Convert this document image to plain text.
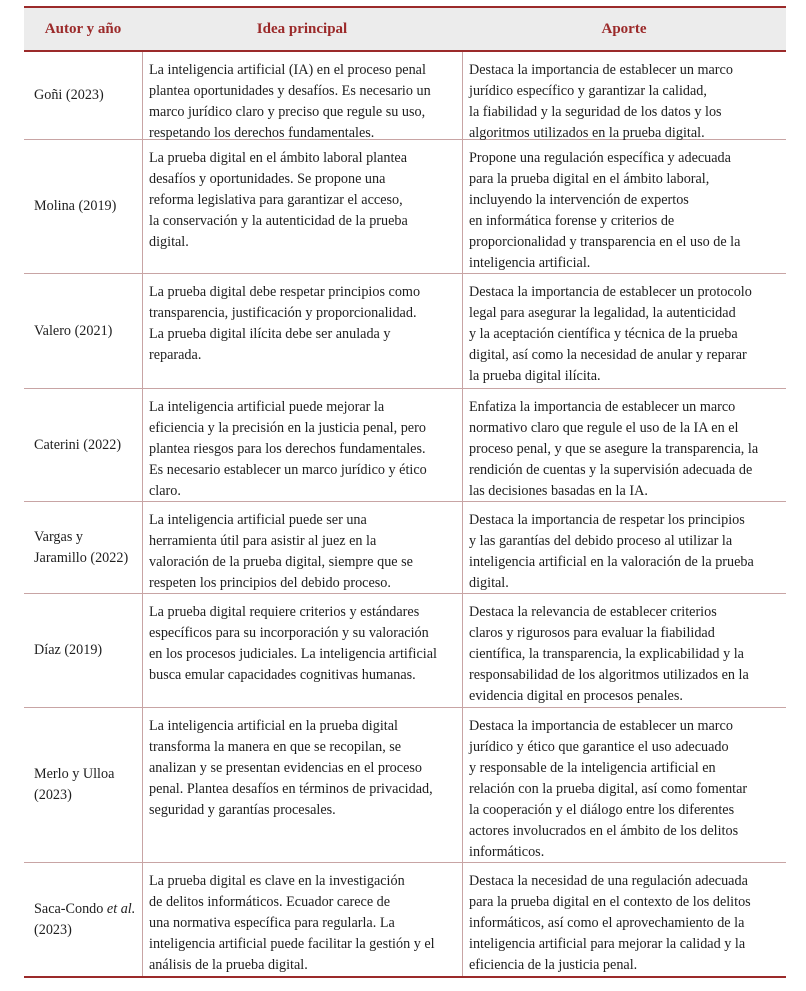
Autor y año	Idea principal	Aporte
Goñi (2023)
La inteligencia artificial (IA) en el proceso penal
plantea oportunidades y desafíos. Es necesario un
marco jurídico claro y preciso que regule su uso,
respetando los derechos fundamentales.
Destaca la importancia de establecer un marco
jurídico específico y garantizar la calidad,
la fiabilidad y la seguridad de los datos y los
algoritmos utilizados en la prueba digital.
Molina (2019)
La prueba digital en el ámbito laboral plantea
desafíos y oportunidades. Se propone una
reforma legislativa para garantizar el acceso,
la conservación y la autenticidad de la prueba
digital.
Propone una regulación específica y adecuada
para la prueba digital en el ámbito laboral,
incluyendo la intervención de expertos
en informática forense y criterios de
proporcionalidad y transparencia en el uso de la
inteligencia artificial.
Valero (2021)
La prueba digital debe respetar principios como
transparencia, justificación y proporcionalidad.
La prueba digital ilícita debe ser anulada y
reparada.
Destaca la importancia de establecer un protocolo
legal para asegurar la legalidad, la autenticidad
y la aceptación científica y técnica de la prueba
digital, así como la necesidad de anular y reparar
la prueba digital ilícita.
Caterini (2022)
La inteligencia artificial puede mejorar la
eficiencia y la precisión en la justicia penal, pero
plantea riesgos para los derechos fundamentales.
Es necesario establecer un marco jurídico y ético
claro.
Enfatiza la importancia de establecer un marco
normativo claro que regule el uso de la IA en el
proceso penal, y que se asegure la transparencia, la
rendición de cuentas y la supervisión adecuada de
las decisiones basadas en la IA.
Vargas y
Jaramillo (2022)
La inteligencia artificial puede ser una
herramienta útil para asistir al juez en la
valoración de la prueba digital, siempre que se
respeten los principios del debido proceso.
Destaca la importancia de respetar los principios
y las garantías del debido proceso al utilizar la
inteligencia artificial en la valoración de la prueba
digital.
Díaz (2019)
La prueba digital requiere criterios y estándares
específicos para su incorporación y su valoración
en los procesos judiciales. La inteligencia artificial
busca emular capacidades cognitivas humanas.
Destaca la relevancia de establecer criterios
claros y rigurosos para evaluar la fiabilidad
científica, la transparencia, la explicabilidad y la
responsabilidad de los algoritmos utilizados en la
evidencia digital en procesos penales.
Merlo y Ulloa
(2023)
La inteligencia artificial en la prueba digital
transforma la manera en que se recopilan, se
analizan y se presentan evidencias en el proceso
penal. Plantea desafíos en términos de privacidad,
seguridad y garantías procesales.
Destaca la importancia de establecer un marco
jurídico y ético que garantice el uso adecuado
y responsable de la inteligencia artificial en
relación con la prueba digital, así como fomentar
la cooperación y el diálogo entre los diferentes
actores involucrados en el ámbito de los delitos
informáticos.
Saca-Condo et al. (2023)
La prueba digital es clave en la investigación
de delitos informáticos. Ecuador carece de
una normativa específica para regularla. La
inteligencia artificial puede facilitar la gestión y el
análisis de la prueba digital.
Destaca la necesidad de una regulación adecuada
para la prueba digital en el contexto de los delitos
informáticos, así como el aprovechamiento de la
inteligencia artificial para mejorar la calidad y la
eficiencia de la justicia penal.
